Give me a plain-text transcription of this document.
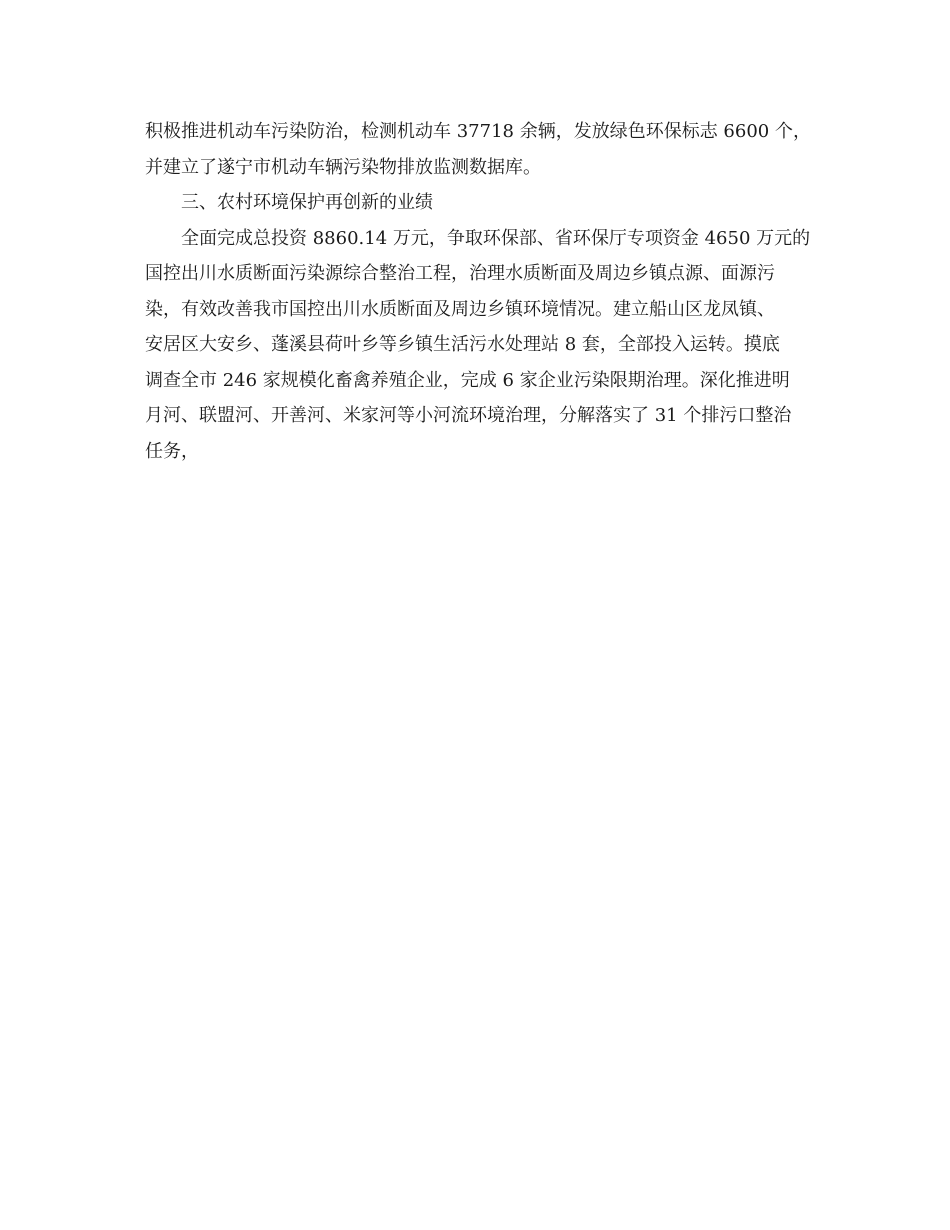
积极推进机动车污染防治，检测机动车 37718 余辆，发放绿色环保标志 6600 个，
并建立了遂宁市机动车辆污染物排放监测数据库。

三、农村环境保护再创新的业绩

全面完成总投资 8860.14 万元，争取环保部、省环保厅专项资金 4650 万元的
国控出川水质断面污染源综合整治工程，治理水质断面及周边乡镇点源、面源污
染，有效改善我市国控出川水质断面及周边乡镇环境情况。建立船山区龙凤镇、
安居区大安乡、蓬溪县荷叶乡等乡镇生活污水处理站 8 套，全部投入运转。摸底
调查全市 246 家规模化畜禽养殖企业，完成 6 家企业污染限期治理。深化推进明
月河、联盟河、开善河、米家河等小河流环境治理，分解落实了 31 个排污口整治
任务，
